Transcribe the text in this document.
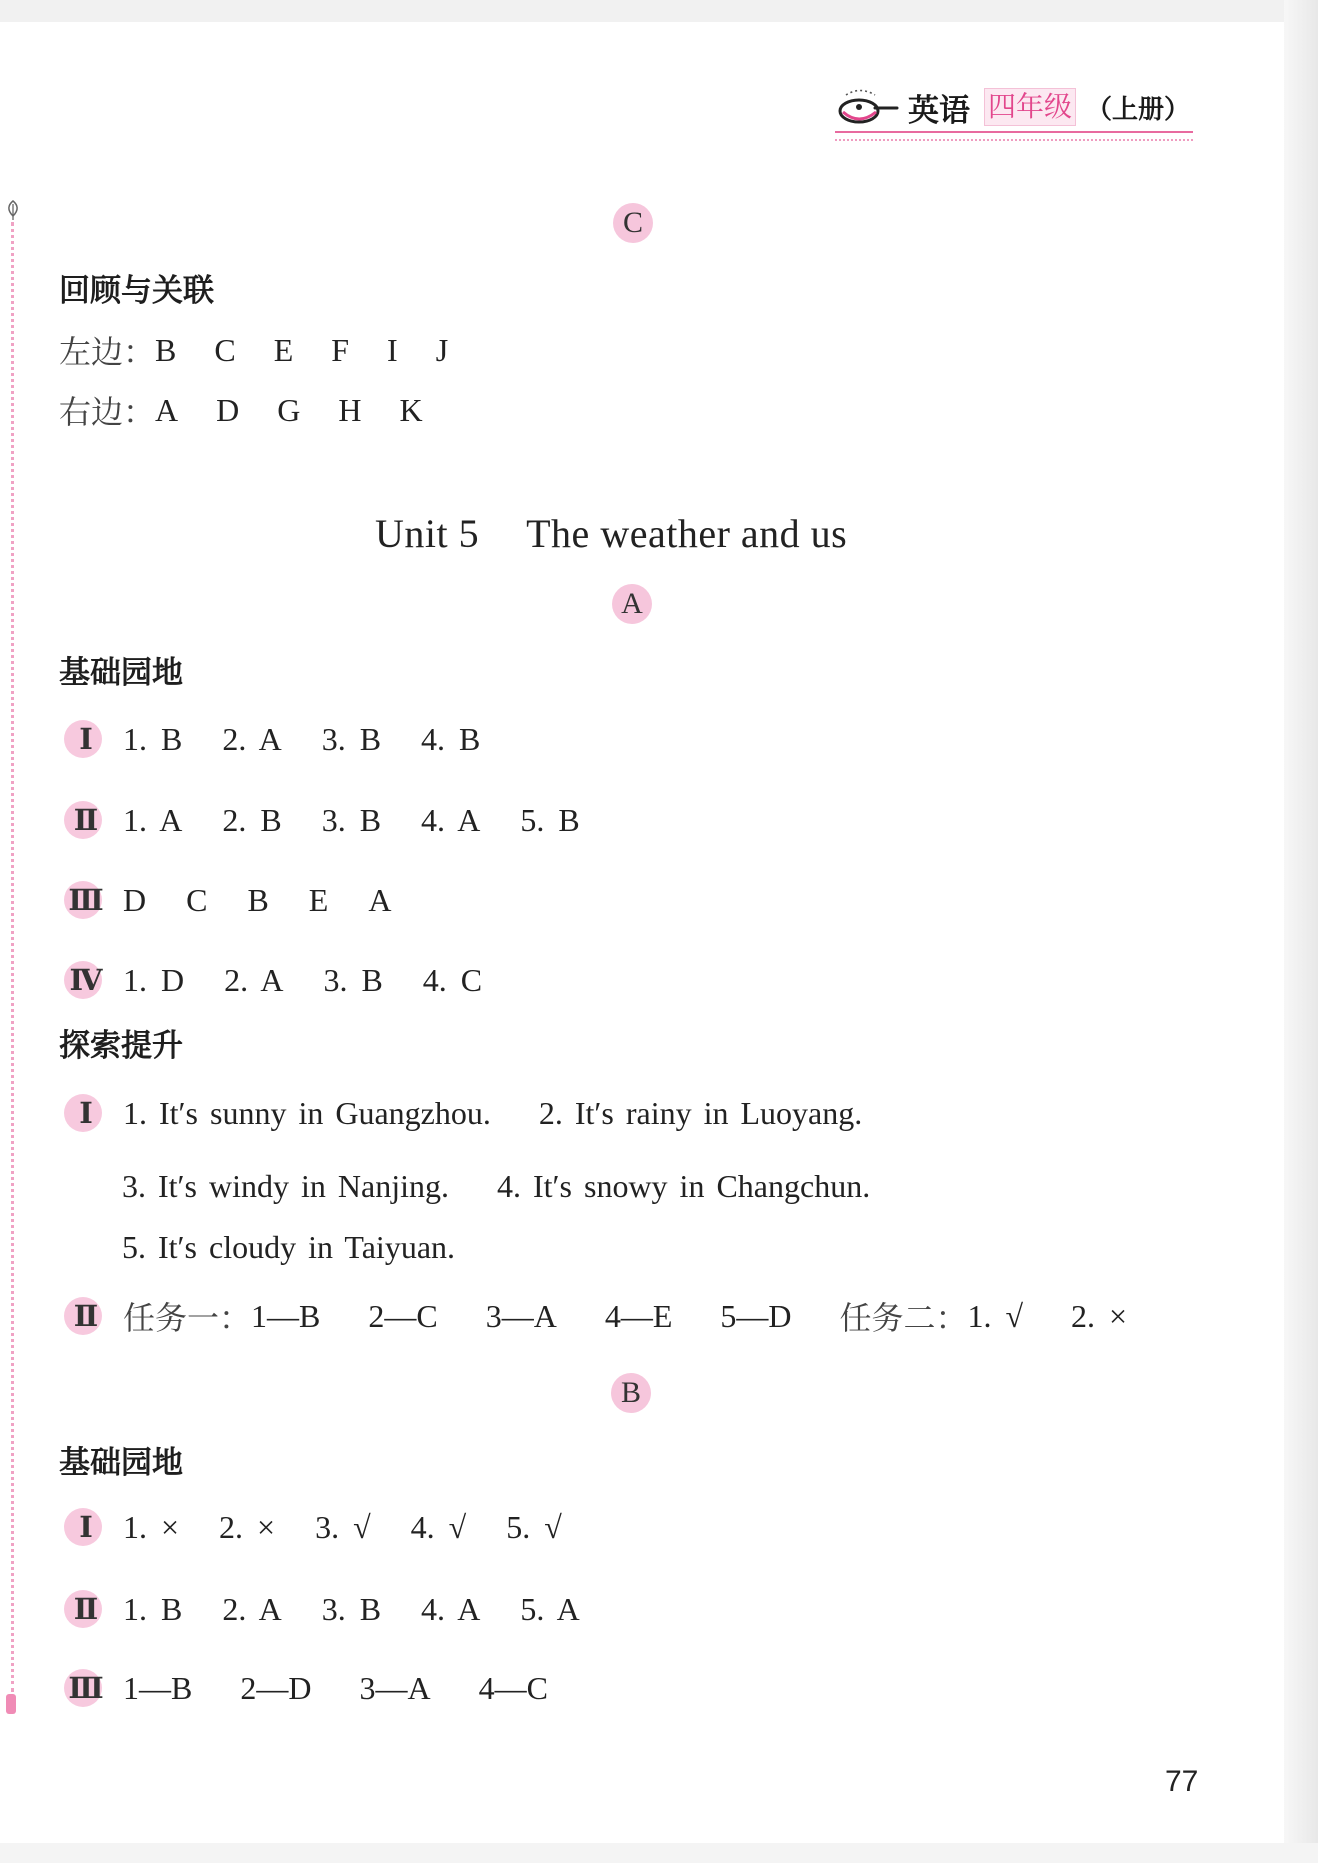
英语 四年级 （上册）
C
回顾与关联
左边： B C E F I J
右边： A D G H K
Unit 5 The weather and us
A
基础园地
Ⅰ 1. B 2. A 3. B 4. B
Ⅱ 1. A 2. B 3. B 4. A 5. B
Ⅲ D C B E A
Ⅳ 1. D 2. A 3. B 4. C
探索提升
Ⅰ 1. It′s sunny in Guangzhou. 2. It′s rainy in Luoyang.
3. It′s windy in Nanjing. 4. It′s snowy in Changchun.
5. It′s cloudy in Taiyuan.
Ⅱ 任务一： 1—B 2—C 3—A 4—E 5—D 任务二： 1. √ 2. ×
B
基础园地
Ⅰ 1. × 2. × 3. √ 4. √ 5. √
Ⅱ 1. B 2. A 3. B 4. A 5. A
Ⅲ 1—B 2—D 3—A 4—C
77
